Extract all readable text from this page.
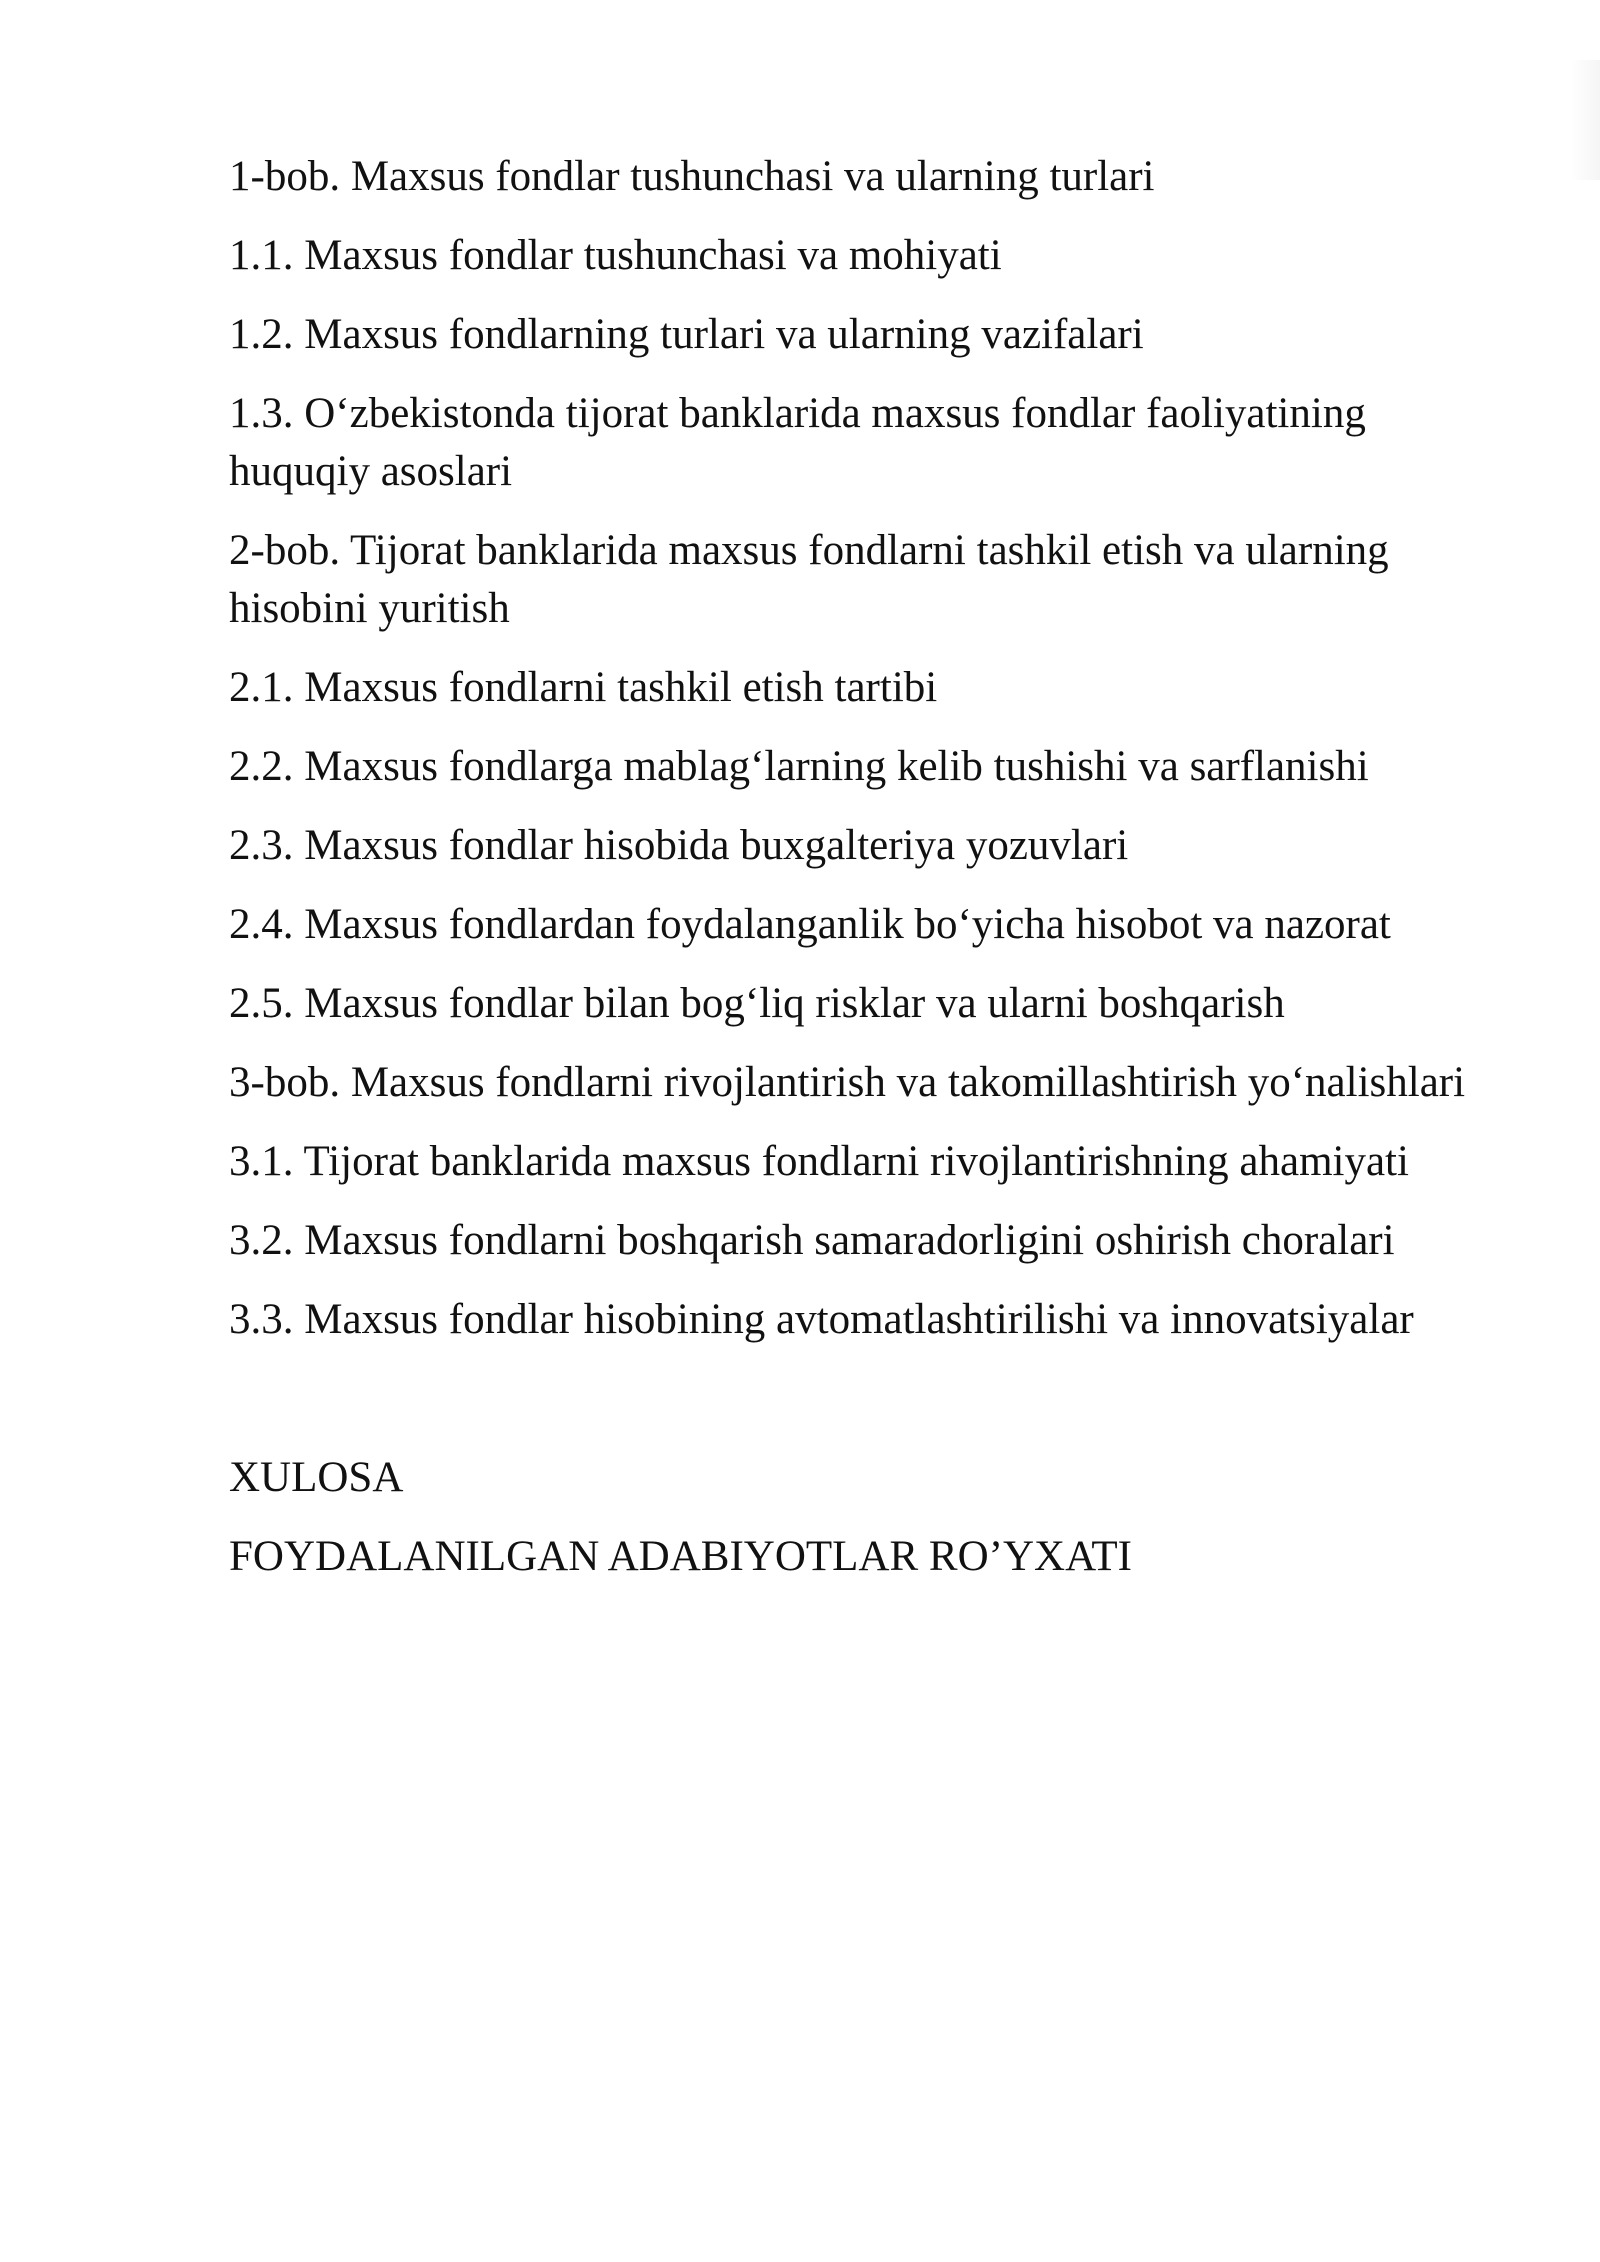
1-bob. Maxsus fondlar tushunchasi va ularning turlari
1.1. Maxsus fondlar tushunchasi va mohiyati
1.2. Maxsus fondlarning turlari va ularning vazifalari
1.3. O‘zbekistonda tijorat banklarida maxsus fondlar faoliyatining huquqiy asoslari
2-bob. Tijorat banklarida maxsus fondlarni tashkil etish va ularning hisobini yuritish
2.1. Maxsus fondlarni tashkil etish tartibi
2.2. Maxsus fondlarga mablag‘larning kelib tushishi va sarflanishi
2.3. Maxsus fondlar hisobida buxgalteriya yozuvlari
2.4. Maxsus fondlardan foydalanganlik bo‘yicha hisobot va nazorat
2.5. Maxsus fondlar bilan bog‘liq risklar va ularni boshqarish
3-bob. Maxsus fondlarni rivojlantirish va takomillashtirish yo‘nalishlari
3.1. Tijorat banklarida maxsus fondlarni rivojlantirishning ahamiyati
3.2. Maxsus fondlarni boshqarish samaradorligini oshirish choralari
3.3. Maxsus fondlar hisobining avtomatlashtirilishi va innovatsiyalar
XULOSA
FOYDALANILGAN ADABIYOTLAR RO’YXATI
